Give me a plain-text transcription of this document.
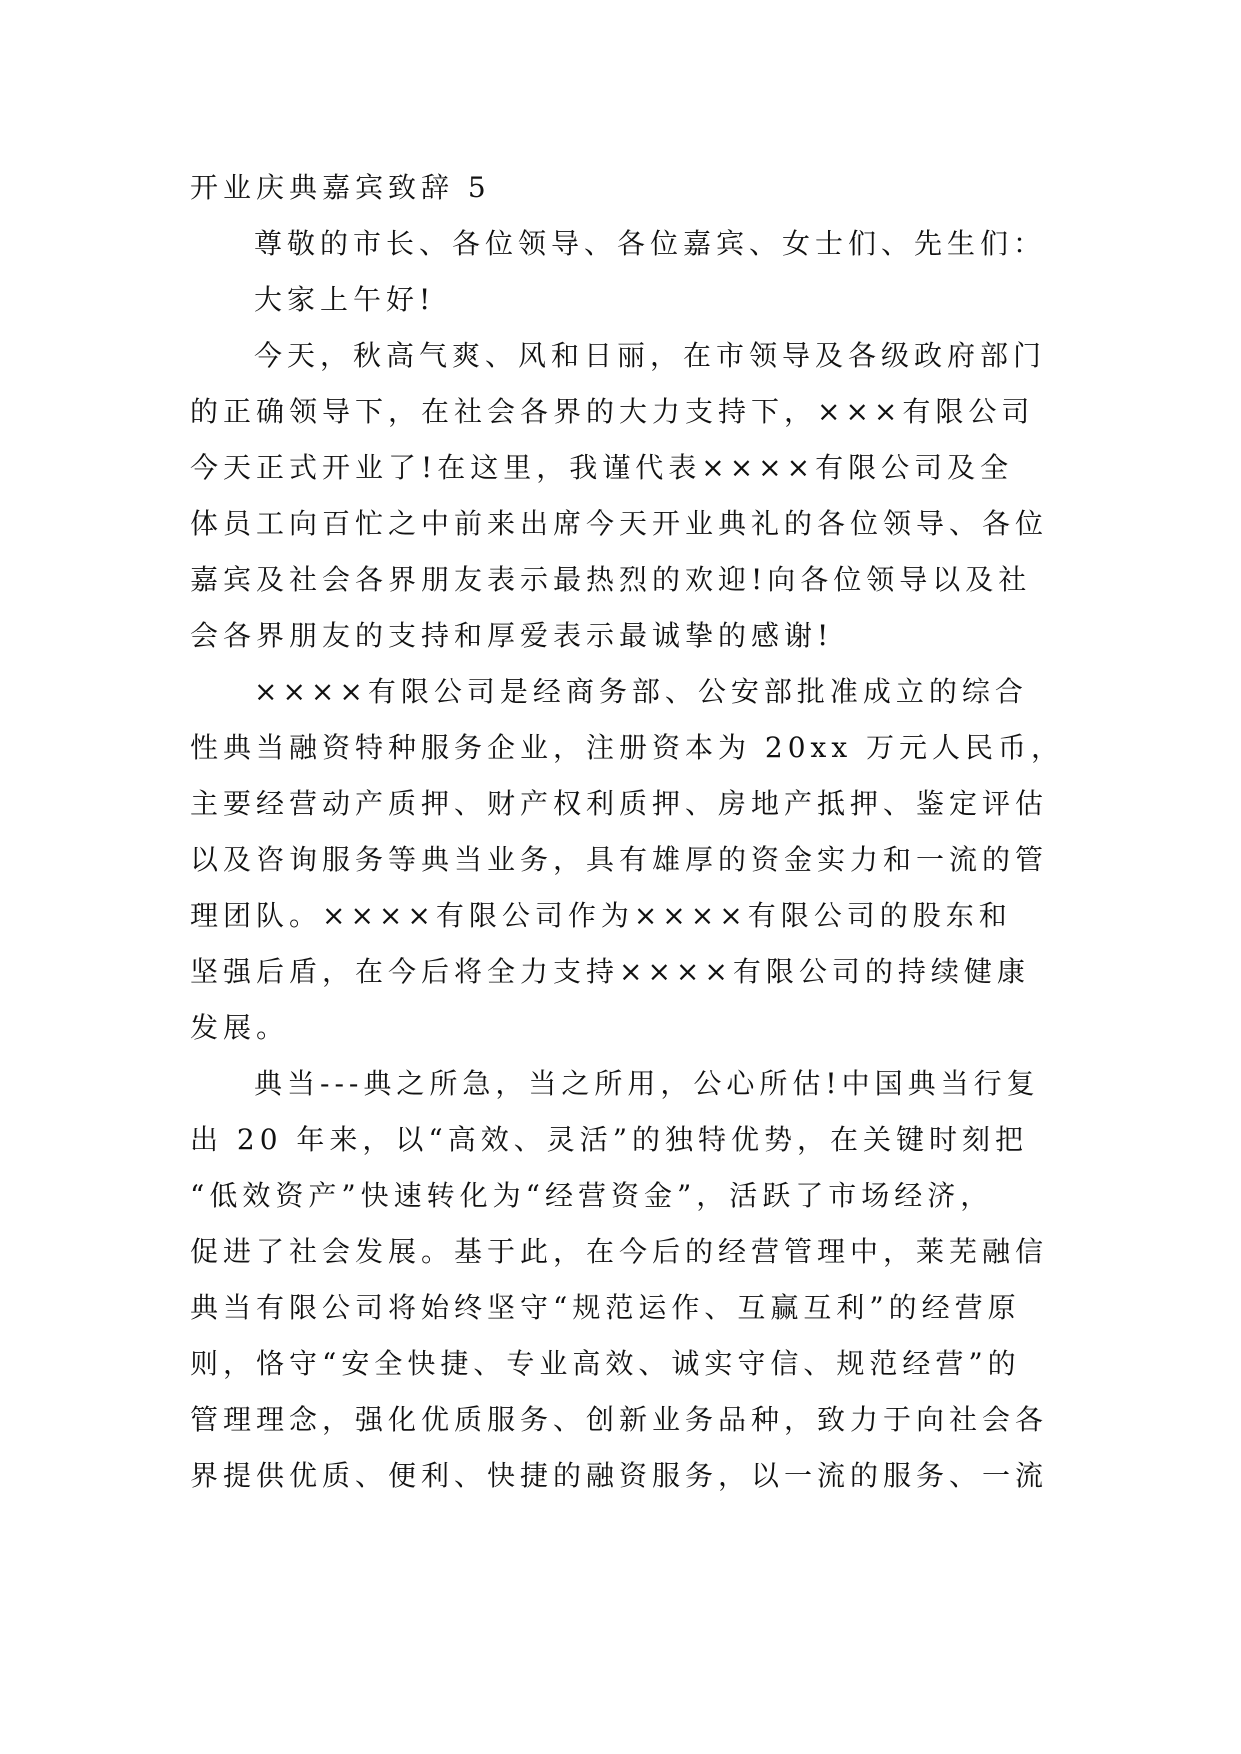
开业庆典嘉宾致辞 5
尊敬的市长、各位领导、各位嘉宾、女士们、先生们：
大家上午好!
今天，秋高气爽、风和日丽，在市领导及各级政府部门
的正确领导下，在社会各界的大力支持下，×××有限公司
今天正式开业了!在这里，我谨代表××××有限公司及全
体员工向百忙之中前来出席今天开业典礼的各位领导、各位
嘉宾及社会各界朋友表示最热烈的欢迎!向各位领导以及社
会各界朋友的支持和厚爱表示最诚挚的感谢!
××××有限公司是经商务部、公安部批准成立的综合
性典当融资特种服务企业，注册资本为 20xx 万元人民币，
主要经营动产质押、财产权利质押、房地产抵押、鉴定评估
以及咨询服务等典当业务，具有雄厚的资金实力和一流的管
理团队。××××有限公司作为××××有限公司的股东和
坚强后盾，在今后将全力支持××××有限公司的持续健康
发展。
典当---典之所急，当之所用，公心所估!中国典当行复
出 20 年来，以“高效、灵活”的独特优势，在关键时刻把
“低效资产”快速转化为“经营资金”，活跃了市场经济，
促进了社会发展。基于此，在今后的经营管理中，莱芜融信
典当有限公司将始终坚守“规范运作、互赢互利”的经营原
则，恪守“安全快捷、专业高效、诚实守信、规范经营”的
管理理念，强化优质服务、创新业务品种，致力于向社会各
界提供优质、便利、快捷的融资服务，以一流的服务、一流
